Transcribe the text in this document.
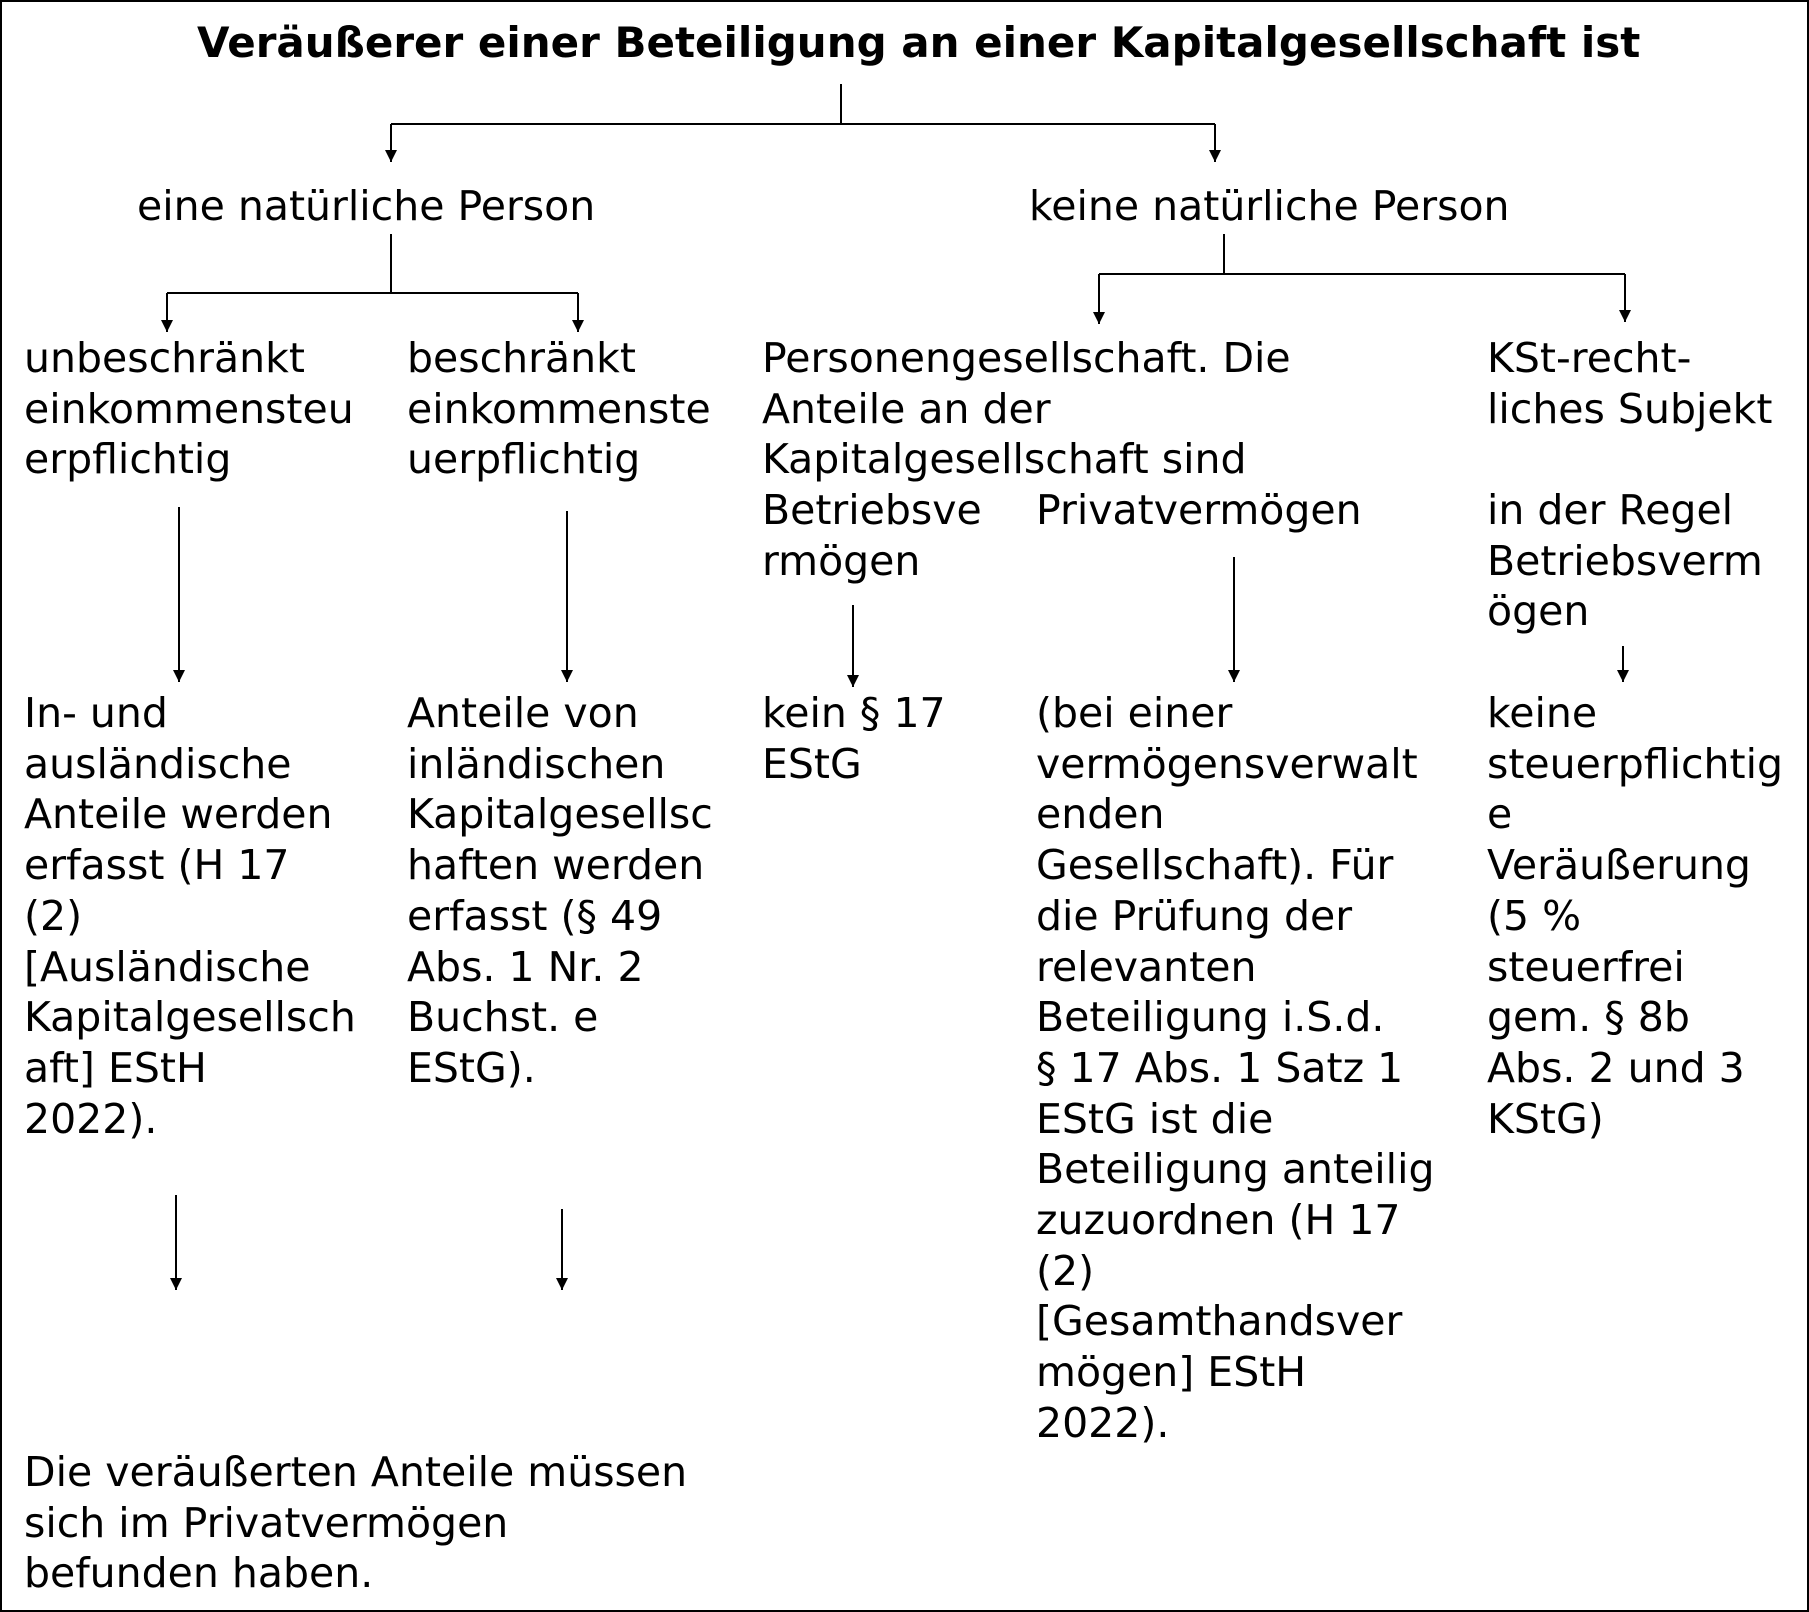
Veräußerer einer Beteiligung an einer Kapitalgesellschaft ist

eine natürliche Person	keine natürliche Person

unbeschränkt
einkommensteu
erpflichtig

beschränkt
einkommenste
uerpflichtig

Personengesellschaft. Die
Anteile an der
Kapitalgesellschaft sind

KSt-recht-
liches Subjekt

Betriebsve
rmögen

Privatvermögen	in der Regel
Betriebsverm
ögen

In- und
ausländische
Anteile werden
erfasst (H 17
(2)
[Ausländische
Kapitalgesellsch
aft] EStH
2022).

Anteile von
inländischen
Kapitalgesellsc
haften werden
erfasst (§ 49
Abs. 1 Nr. 2
Buchst. e
EStG).

kein § 17
EStG

(bei einer
vermögensverwalt
enden
Gesellschaft). Für
die Prüfung der
relevanten
Beteiligung i.S.d.
§ 17 Abs. 1 Satz 1
EStG ist die
Beteiligung anteilig
zuzuordnen (H 17
(2)
[Gesamthandsver
mögen] EStH
2022).

keine
steuerpflichtig
e
Veräußerung
(5 %
steuerfrei
gem. § 8b
Abs. 2 und 3
KStG)

Die veräußerten Anteile müssen
sich im Privatvermögen
befunden haben.
